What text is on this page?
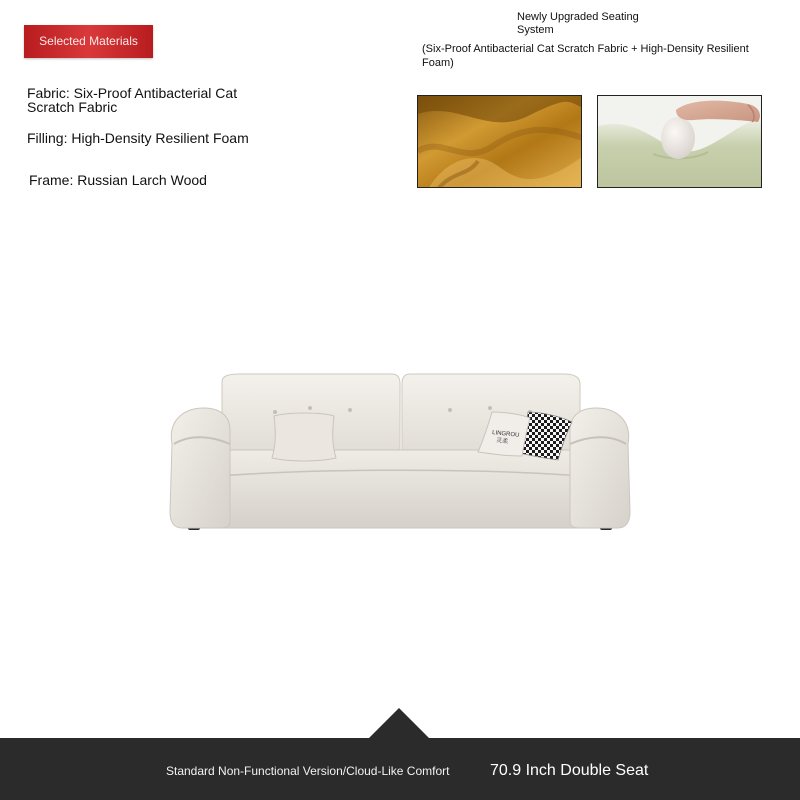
Selected Materials
Fabric: Six-Proof Antibacterial Cat Scratch Fabric
Filling: High-Density Resilient Foam
Frame: Russian Larch Wood
Newly Upgraded Seating System
(Six-Proof Antibacterial Cat Scratch Fabric + High-Density Resilient Foam)
LINGROU
灵柔
Standard Non-Functional Version/Cloud-Like Comfort	70.9 Inch Double Seat
